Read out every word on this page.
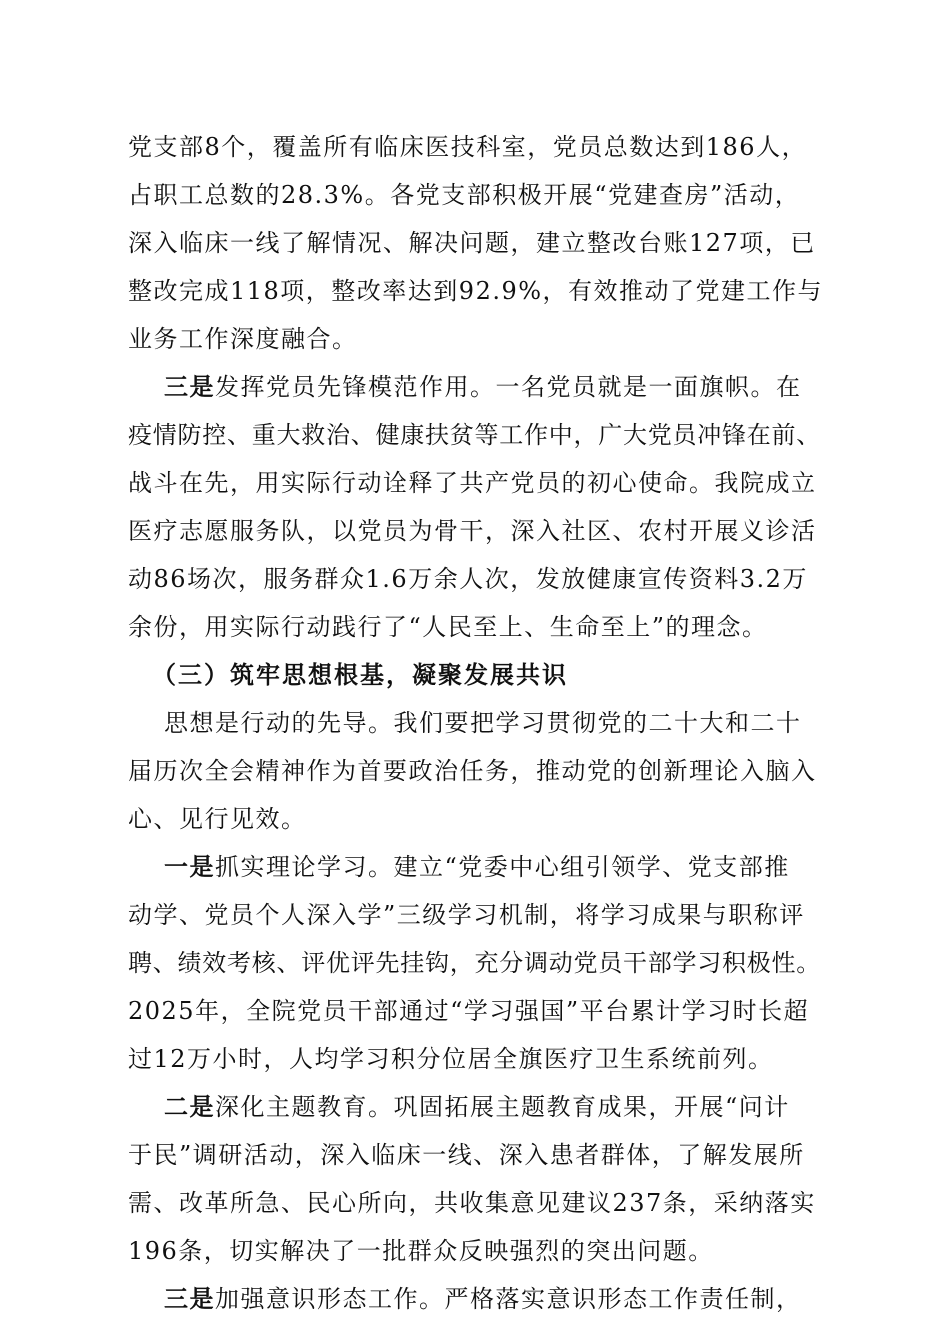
党支部8个，覆盖所有临床医技科室，党员总数达到186人，
占职工总数的28.3%。各党支部积极开展“党建查房”活动，
深入临床一线了解情况、解决问题，建立整改台账127项，已
整改完成118项，整改率达到92.9%，有效推动了党建工作与
业务工作深度融合。
三是发挥党员先锋模范作用。一名党员就是一面旗帜。在
疫情防控、重大救治、健康扶贫等工作中，广大党员冲锋在前、
战斗在先，用实际行动诠释了共产党员的初心使命。我院成立
医疗志愿服务队，以党员为骨干，深入社区、农村开展义诊活
动86场次，服务群众1.6万余人次，发放健康宣传资料3.2万
余份，用实际行动践行了“人民至上、生命至上”的理念。
（三）筑牢思想根基，凝聚发展共识
思想是行动的先导。我们要把学习贯彻党的二十大和二十
届历次全会精神作为首要政治任务，推动党的创新理论入脑入
心、见行见效。
一是抓实理论学习。建立“党委中心组引领学、党支部推
动学、党员个人深入学”三级学习机制，将学习成果与职称评
聘、绩效考核、评优评先挂钩，充分调动党员干部学习积极性。
2025年，全院党员干部通过“学习强国”平台累计学习时长超
过12万小时，人均学习积分位居全旗医疗卫生系统前列。
二是深化主题教育。巩固拓展主题教育成果，开展“问计
于民”调研活动，深入临床一线、深入患者群体，了解发展所
需、改革所急、民心所向，共收集意见建议237条，采纳落实
196条，切实解决了一批群众反映强烈的突出问题。
三是加强意识形态工作。严格落实意识形态工作责任制，
